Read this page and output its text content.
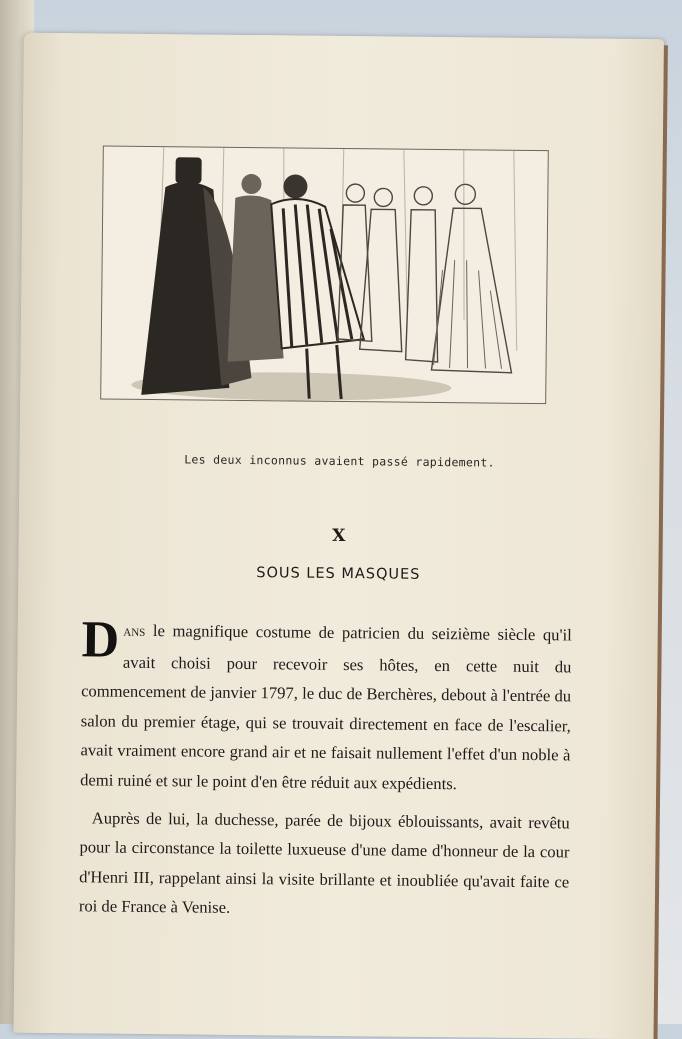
Les deux inconnus avaient passé rapidement.
X
SOUS LES MASQUES

Dans le magnifique costume de patricien du seizième siècle qu'il avait choisi pour recevoir ses hôtes, en cette nuit du commencement de janvier 1797, le duc de Berchères, debout à l'entrée du salon du premier étage, qui se trouvait directement en face de l'escalier, avait vraiment encore grand air et ne faisait nullement l'effet d'un noble à demi ruiné et sur le point d'en être réduit aux expédients.

Auprès de lui, la duchesse, parée de bijoux éblouissants, avait revêtu pour la circonstance la toilette luxueuse d'une dame d'honneur de la cour d'Henri III, rappelant ainsi la visite brillante et inoubliée qu'avait faite ce roi de France à Venise.
